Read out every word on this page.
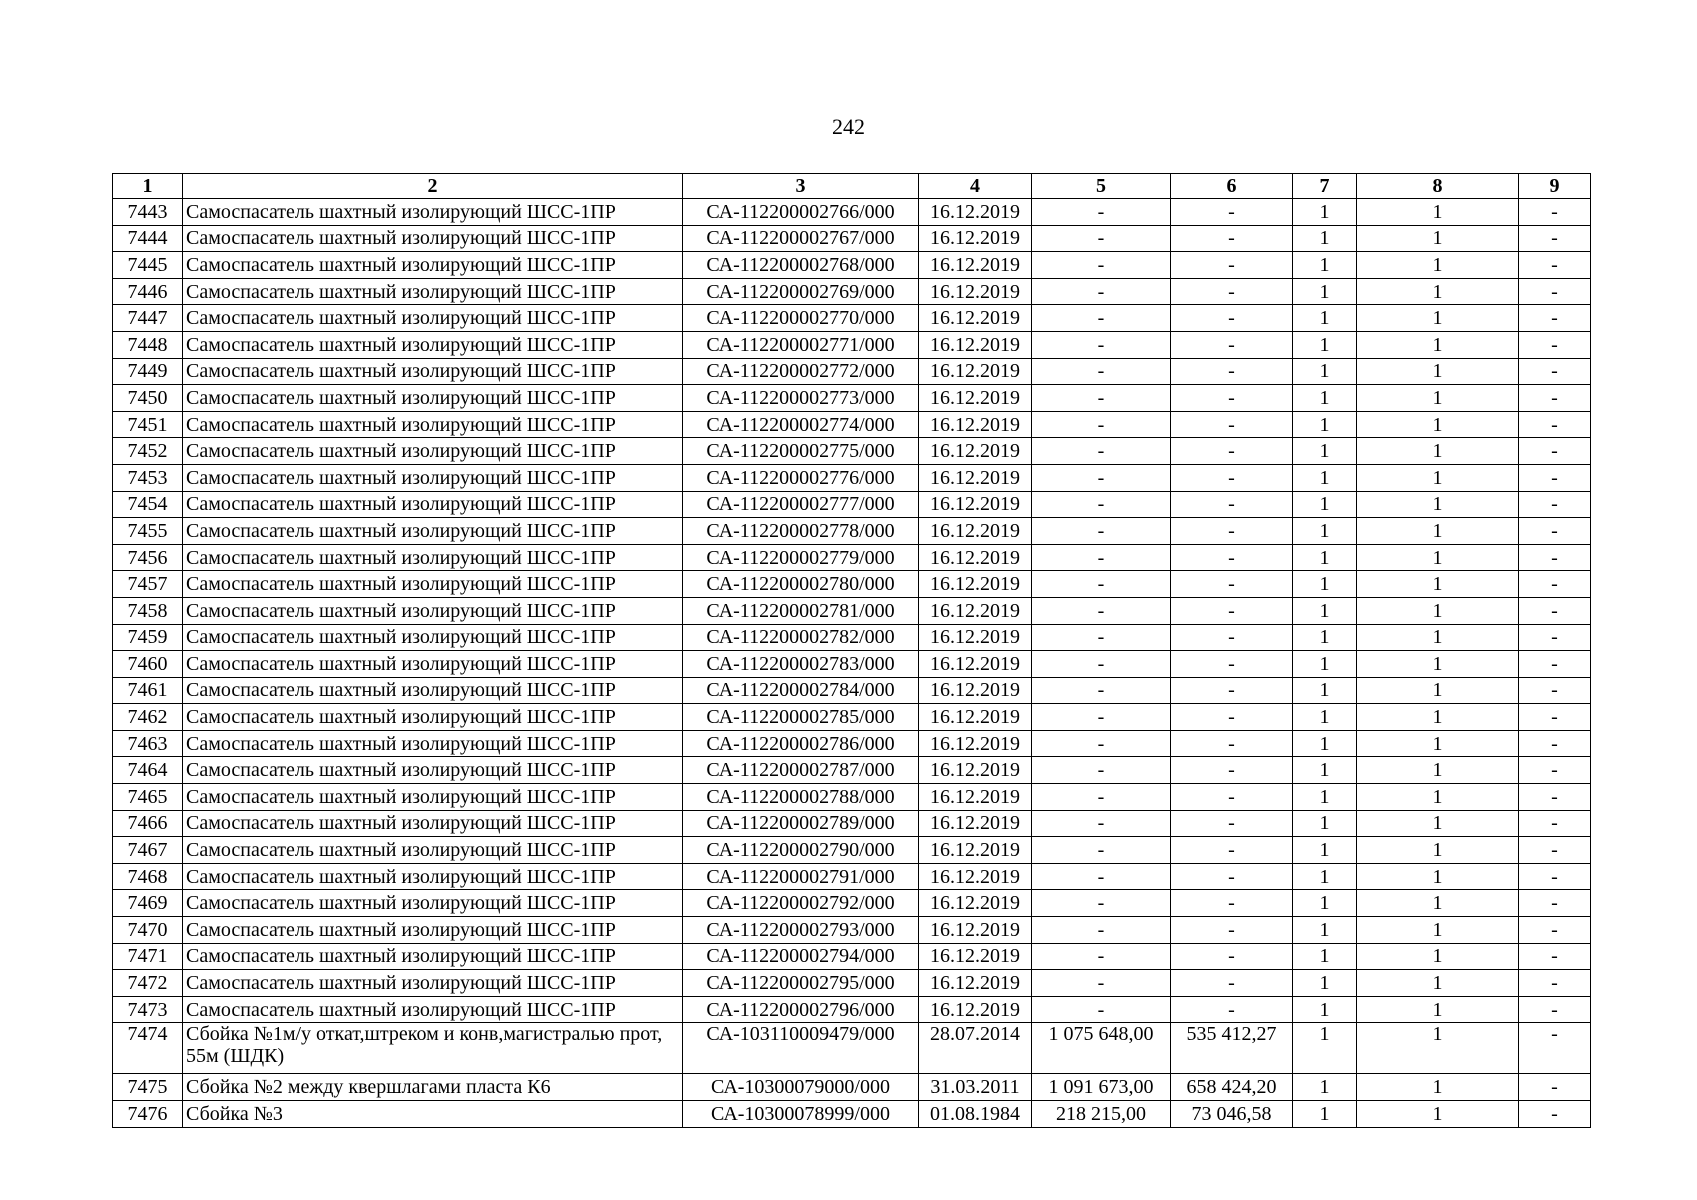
242
1	2	3	4	5	6	7	8	9
7443	Самоспасатель шахтный изолирующий ШСС-1ПР	СА-112200002766/000	16.12.2019	-	-	1	1	-
7444	Самоспасатель шахтный изолирующий ШСС-1ПР	СА-112200002767/000	16.12.2019	-	-	1	1	-
7445	Самоспасатель шахтный изолирующий ШСС-1ПР	СА-112200002768/000	16.12.2019	-	-	1	1	-
7446	Самоспасатель шахтный изолирующий ШСС-1ПР	СА-112200002769/000	16.12.2019	-	-	1	1	-
7447	Самоспасатель шахтный изолирующий ШСС-1ПР	СА-112200002770/000	16.12.2019	-	-	1	1	-
7448	Самоспасатель шахтный изолирующий ШСС-1ПР	СА-112200002771/000	16.12.2019	-	-	1	1	-
7449	Самоспасатель шахтный изолирующий ШСС-1ПР	СА-112200002772/000	16.12.2019	-	-	1	1	-
7450	Самоспасатель шахтный изолирующий ШСС-1ПР	СА-112200002773/000	16.12.2019	-	-	1	1	-
7451	Самоспасатель шахтный изолирующий ШСС-1ПР	СА-112200002774/000	16.12.2019	-	-	1	1	-
7452	Самоспасатель шахтный изолирующий ШСС-1ПР	СА-112200002775/000	16.12.2019	-	-	1	1	-
7453	Самоспасатель шахтный изолирующий ШСС-1ПР	СА-112200002776/000	16.12.2019	-	-	1	1	-
7454	Самоспасатель шахтный изолирующий ШСС-1ПР	СА-112200002777/000	16.12.2019	-	-	1	1	-
7455	Самоспасатель шахтный изолирующий ШСС-1ПР	СА-112200002778/000	16.12.2019	-	-	1	1	-
7456	Самоспасатель шахтный изолирующий ШСС-1ПР	СА-112200002779/000	16.12.2019	-	-	1	1	-
7457	Самоспасатель шахтный изолирующий ШСС-1ПР	СА-112200002780/000	16.12.2019	-	-	1	1	-
7458	Самоспасатель шахтный изолирующий ШСС-1ПР	СА-112200002781/000	16.12.2019	-	-	1	1	-
7459	Самоспасатель шахтный изолирующий ШСС-1ПР	СА-112200002782/000	16.12.2019	-	-	1	1	-
7460	Самоспасатель шахтный изолирующий ШСС-1ПР	СА-112200002783/000	16.12.2019	-	-	1	1	-
7461	Самоспасатель шахтный изолирующий ШСС-1ПР	СА-112200002784/000	16.12.2019	-	-	1	1	-
7462	Самоспасатель шахтный изолирующий ШСС-1ПР	СА-112200002785/000	16.12.2019	-	-	1	1	-
7463	Самоспасатель шахтный изолирующий ШСС-1ПР	СА-112200002786/000	16.12.2019	-	-	1	1	-
7464	Самоспасатель шахтный изолирующий ШСС-1ПР	СА-112200002787/000	16.12.2019	-	-	1	1	-
7465	Самоспасатель шахтный изолирующий ШСС-1ПР	СА-112200002788/000	16.12.2019	-	-	1	1	-
7466	Самоспасатель шахтный изолирующий ШСС-1ПР	СА-112200002789/000	16.12.2019	-	-	1	1	-
7467	Самоспасатель шахтный изолирующий ШСС-1ПР	СА-112200002790/000	16.12.2019	-	-	1	1	-
7468	Самоспасатель шахтный изолирующий ШСС-1ПР	СА-112200002791/000	16.12.2019	-	-	1	1	-
7469	Самоспасатель шахтный изолирующий ШСС-1ПР	СА-112200002792/000	16.12.2019	-	-	1	1	-
7470	Самоспасатель шахтный изолирующий ШСС-1ПР	СА-112200002793/000	16.12.2019	-	-	1	1	-
7471	Самоспасатель шахтный изолирующий ШСС-1ПР	СА-112200002794/000	16.12.2019	-	-	1	1	-
7472	Самоспасатель шахтный изолирующий ШСС-1ПР	СА-112200002795/000	16.12.2019	-	-	1	1	-
7473	Самоспасатель шахтный изолирующий ШСС-1ПР	СА-112200002796/000	16.12.2019	-	-	1	1	-
7474	Сбойка №1м/у откат,штреком и конв,магистралью прот, 55м (ШДК)	СА-103110009479/000	28.07.2014	1 075 648,00	535 412,27	1	1	-
7475	Сбойка №2 между квершлагами пласта К6	СА-10300079000/000	31.03.2011	1 091 673,00	658 424,20	1	1	-
7476	Сбойка №3	СА-10300078999/000	01.08.1984	218 215,00	73 046,58	1	1	-
